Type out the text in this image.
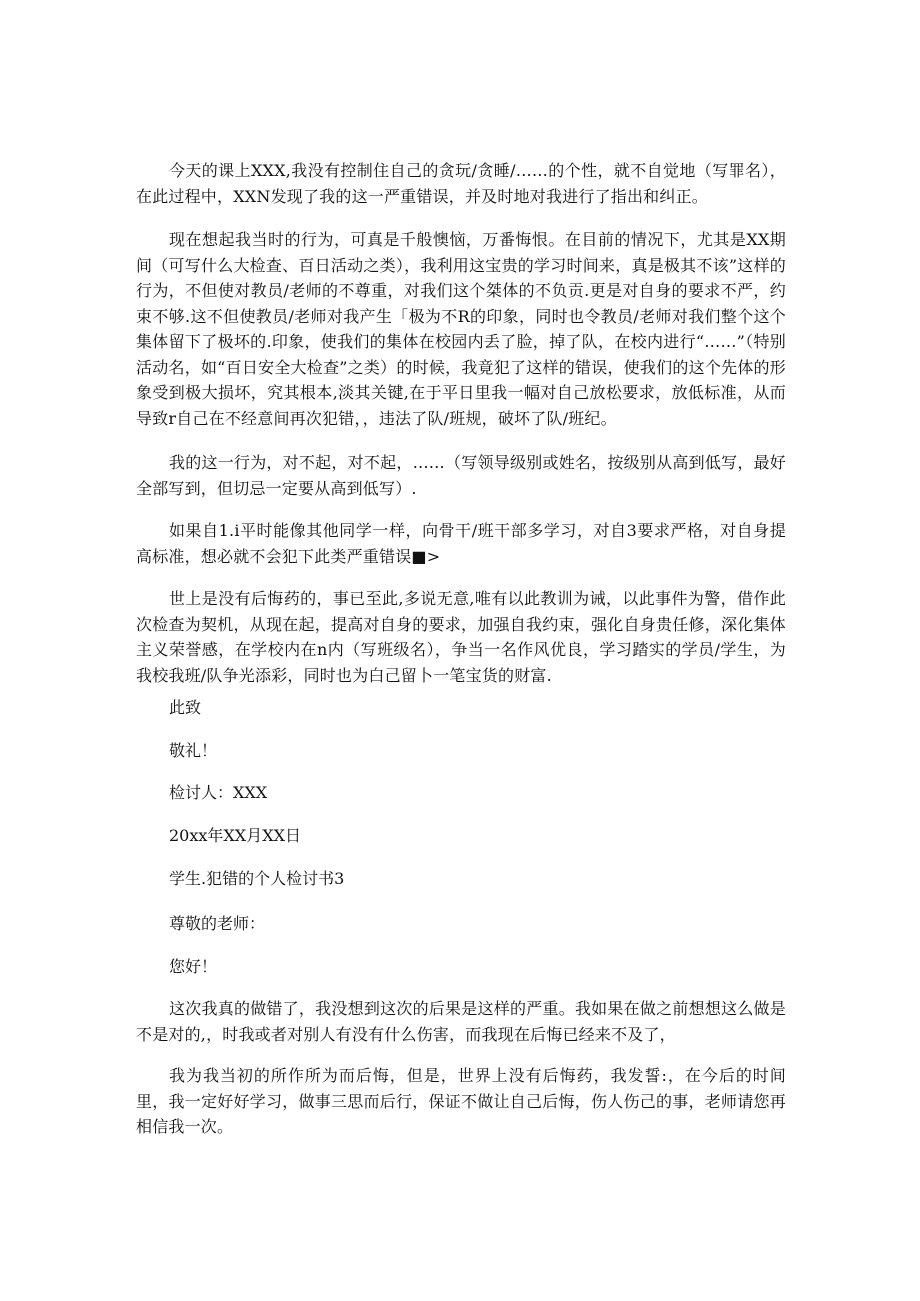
今天的课上XXX,我没有控制住自己的贪玩/贪睡/……的个性，就不自觉地（写罪名），在此过程中，XXN发现了我的这一严重错误，并及时地对我进行了指出和纠正。

现在想起我当时的行为，可真是千般懊恼，万番悔恨。在目前的情况下，尤其是XX期间（可写什么大检查、百日活动之类），我利用这宝贵的学习时间来，真是极其不该”这样的行为，不但使对教员/老师的不尊重，对我们这个桀体的不负贡.更是对自身的要求不严，约束不够.这不但使教员/老师对我产生「极为不R的印象，同时也令教员/老师对我们整个这个集体留下了极坏的.印象，使我们的集体在校园内丢了脸，掉了队，在校内进行“……”（特别活动名，如“百日安全大检查”之类）的时候，我竟犯了这样的错误，使我们的这个先体的形象受到极大损坏，究其根本,淡其关键,在于平日里我一幅对自己放松要求，放低标准，从而导致r自己在不经意间再次犯错，，违法了队/班规，破坏了队/班纪。

我的这一行为，对不起，对不起，……（写领导级别或姓名，按级别从高到低写，最好全部写到，但切忌一定要从高到低写）.

如果自1.i平时能像其他同学一样，向骨干/班干部多学习，对自3要求严格，对自身提高标准，想必就不会犯下此类严重错误■>

世上是没有后悔药的，事已至此,多说无意,唯有以此教训为诫，以此事件为警，借作此次检查为契机，从现在起，提高对自身的要求，加强自我约束，强化自身贵任修，深化集体主义荣誉感，在学校内在n内（写班级名），争当一名作风优良，学习踏实的学员/学生，为我校我班/队争光添彩，同时也为白己留卜一笔宝货的财富.

此致

敬礼！

检讨人：XXX

20xx年XX月XX日

学生.犯错的个人检讨书3

尊敬的老师：

您好！

这次我真的做错了，我没想到这次的后果是这样的严重。我如果在做之前想想这么做是不是对的,，时我或者对别人有没有什么伤害，而我现在后悔已经来不及了，

我为我当初的所作所为而后悔，但是，世界上没有后悔药，我发誓:，在今后的时间里，我一定好好学习，做事三思而后行，保证不做让自己后悔，伤人伤己的事，老师请您再相信我一次。
